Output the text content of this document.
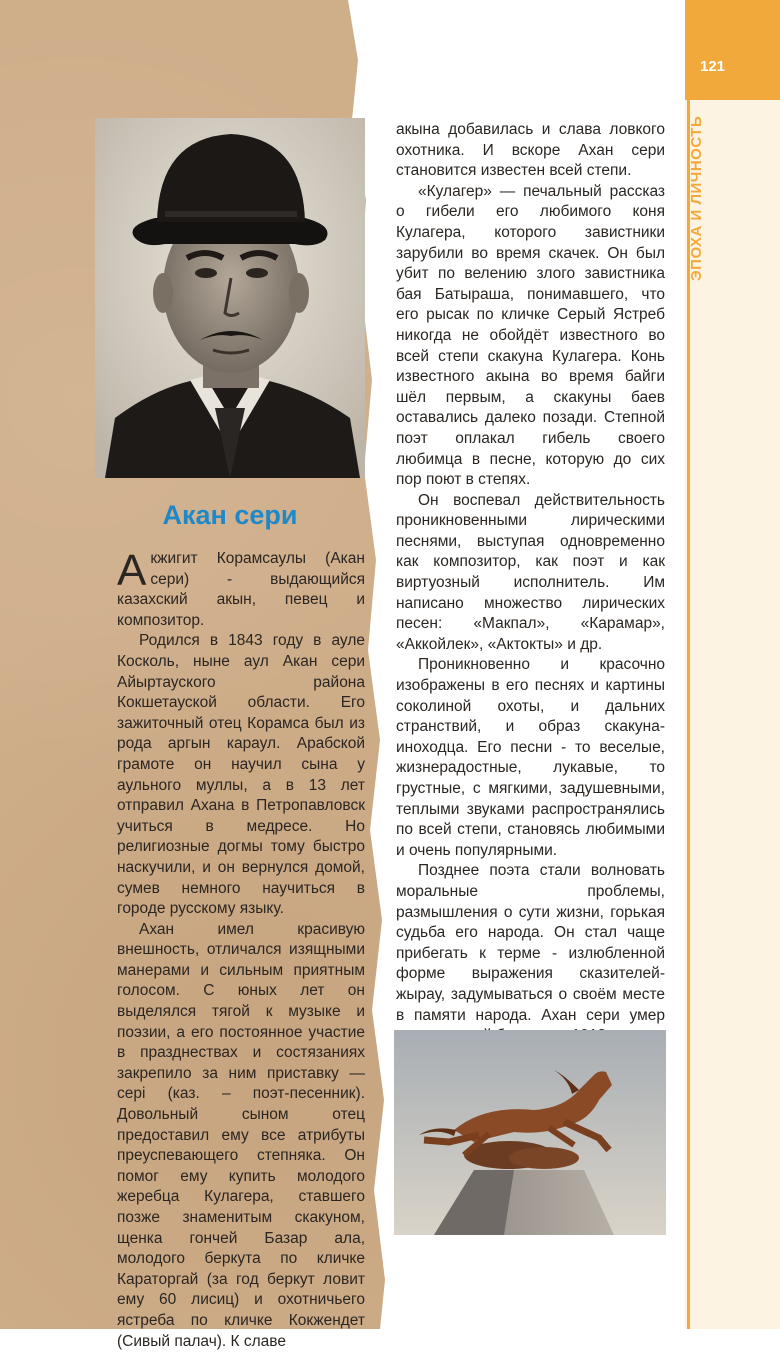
121
ЭПОХА И ЛИЧНОСТЬ
Акан сери

Акжигит Корамсаулы (Акан сери) - выдающийся казахский акын, певец и композитор.

Родился в 1843 году в ауле Косколь, ныне аул Акан сери Айыртауского района Кокшетауской области. Его зажиточный отец Корамса был из рода аргын караул. Арабской грамоте он научил сына у аульного муллы, а в 13 лет отправил Ахана в Петропавловск учиться в медресе. Но религиозные догмы тому быстро наскучили, и он вернулся домой, сумев немного научиться в городе русскому языку.

Ахан имел красивую внешность, отличался изящными манерами и сильным приятным голосом. С юных лет он выделялся тягой к музыке и поэзии, а его постоянное участие в празднествах и состязаниях закрепило за ним приставку — сері (каз. – поэт-песенник). Довольный сыном отец предоставил ему все атрибуты преуспевающего степняка. Он помог ему купить молодого жеребца Кулагера, ставшего позже знаменитым скакуном, щенка гончей Базар ала, молодого беркута по кличке Караторгай (за год беркут ловит ему 60 лисиц) и охотничьего ястреба по кличке Кокжендет (Сивый палач). К славе

акына добавилась и слава ловкого охотника. И вскоре Ахан сери становится известен всей степи.

«Кулагер» — печальный рассказ о гибели его любимого коня Кулагера, которого завистники зарубили во время скачек. Он был убит по велению злого завистника бая Батыраша, понимавшего, что его рысак по кличке Серый Ястреб никогда не обойдёт известного во всей степи скакуна Кулагера. Конь известного акына во время байги шёл первым, а скакуны баев оставались далеко позади. Степной поэт оплакал гибель своего любимца в песне, которую до сих пор поют в степях.

Он воспевал действительность проникновенными лирическими песнями, выступая одновременно как композитор, как поэт и как виртуозный исполнитель. Им написано множество лирических песен: «Макпал», «Карамар», «Аккойлек», «Актокты» и др.

Проникновенно и красочно изображены в его песнях и картины соколиной охоты, и дальних странствий, и образ скакуна-иноходца. Его песни - то веселые, жизнерадостные, лукавые, то грустные, с мягкими, задушевными, теплыми звуками распространялись по всей степи, становясь любимыми и очень популярными.

Позднее поэта стали волновать моральные проблемы, размышления о сути жизни, горькая судьба его народа. Он стал чаще прибегать к терме - излюбленной форме выражения сказителей-жырау, задумываться о своём месте в памяти народа. Ахан сери умер
